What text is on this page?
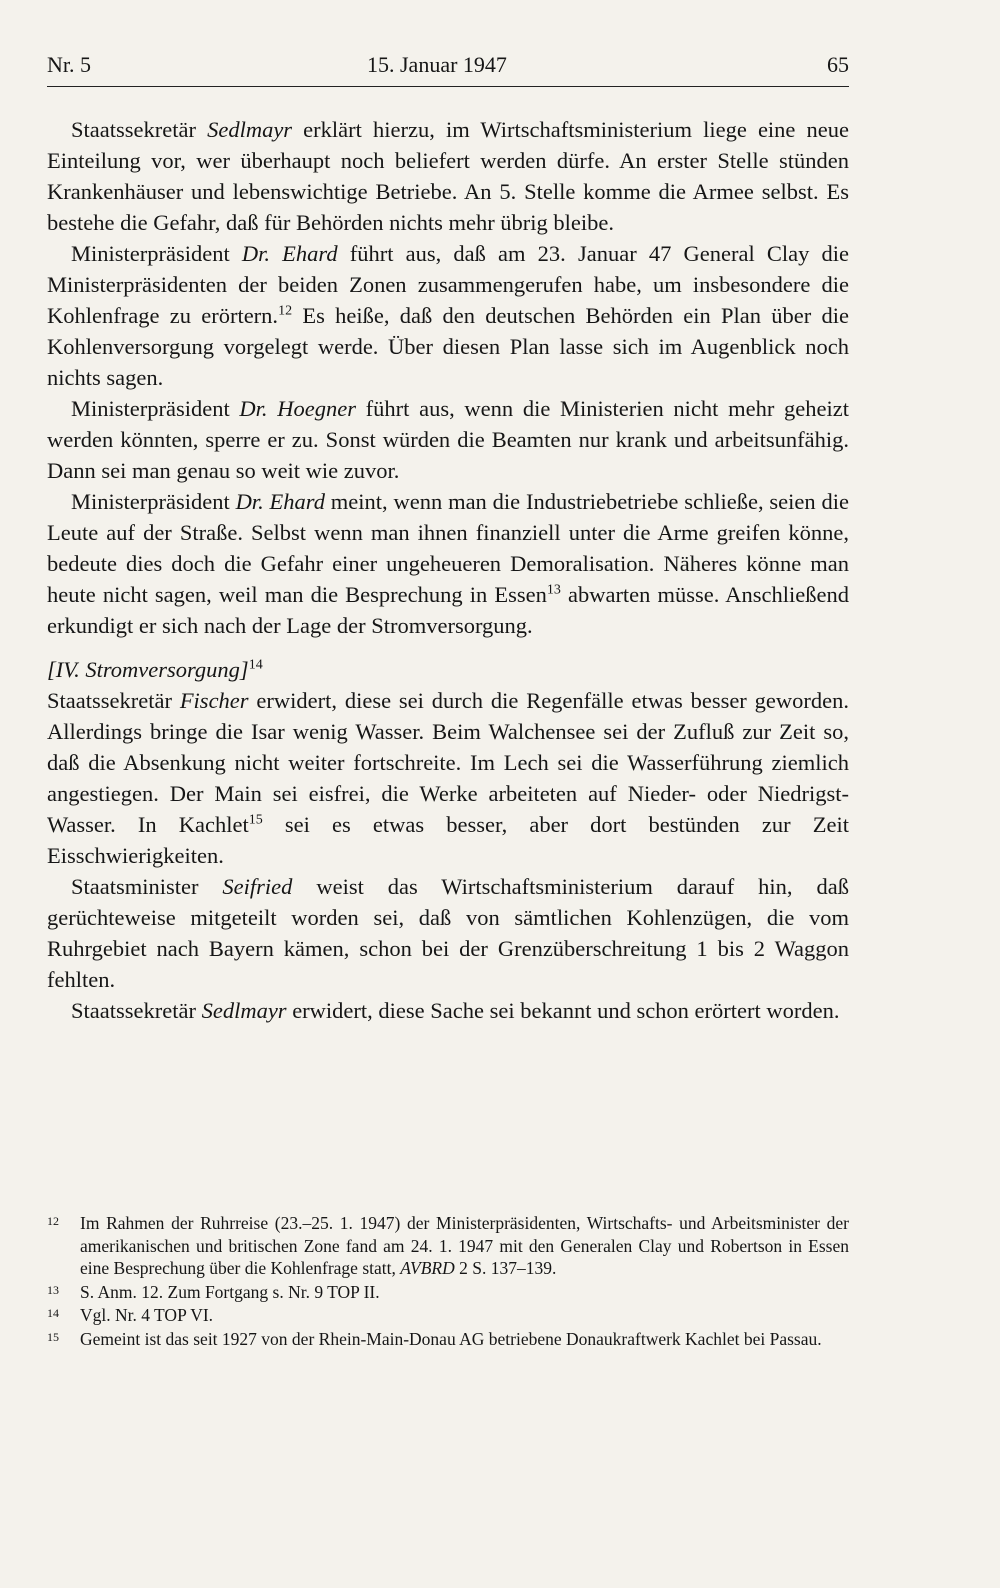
Nr. 5	15. Januar 1947	65

Staatssekretär Sedlmayr erklärt hierzu, im Wirtschaftsministerium liege eine neue Einteilung vor, wer überhaupt noch beliefert werden dürfe. An erster Stelle stünden Krankenhäuser und lebenswichtige Betriebe. An 5. Stelle komme die Armee selbst. Es bestehe die Gefahr, daß für Behörden nichts mehr übrig bleibe.

Ministerpräsident Dr. Ehard führt aus, daß am 23. Januar 47 General Clay die Ministerpräsidenten der beiden Zonen zusammengerufen habe, um insbesondere die Kohlenfrage zu erörtern.$^{12}$ Es heiße, daß den deutschen Behörden ein Plan über die Kohlenversorgung vorgelegt werde. Über diesen Plan lasse sich im Augenblick noch nichts sagen.

Ministerpräsident Dr. Hoegner führt aus, wenn die Ministerien nicht mehr geheizt werden könnten, sperre er zu. Sonst würden die Beamten nur krank und arbeitsunfähig. Dann sei man genau so weit wie zuvor.

Ministerpräsident Dr. Ehard meint, wenn man die Industriebetriebe schließe, seien die Leute auf der Straße. Selbst wenn man ihnen finanziell unter die Arme greifen könne, bedeute dies doch die Gefahr einer ungeheueren Demoralisation. Näheres könne man heute nicht sagen, weil man die Besprechung in Essen$^{13}$ abwarten müsse. Anschließend erkundigt er sich nach der Lage der Stromversorgung.

[IV. Stromversorgung]$^{14}$

Staatssekretär Fischer erwidert, diese sei durch die Regenfälle etwas besser geworden. Allerdings bringe die Isar wenig Wasser. Beim Walchensee sei der Zufluß zur Zeit so, daß die Absenkung nicht weiter fortschreite. Im Lech sei die Wasserführung ziemlich angestiegen. Der Main sei eisfrei, die Werke arbeiteten auf Nieder- oder Niedrigst-Wasser. In Kachlet$^{15}$ sei es etwas besser, aber dort bestünden zur Zeit Eisschwierigkeiten.

Staatsminister Seifried weist das Wirtschaftsministerium darauf hin, daß gerüchteweise mitgeteilt worden sei, daß von sämtlichen Kohlenzügen, die vom Ruhrgebiet nach Bayern kämen, schon bei der Grenzüberschreitung 1 bis 2 Waggon fehlten.

Staatssekretär Sedlmayr erwidert, diese Sache sei bekannt und schon erörtert worden.

12	Im Rahmen der Ruhrreise (23.–25. 1. 1947) der Ministerpräsidenten, Wirtschafts- und Arbeitsminister der amerikanischen und britischen Zone fand am 24. 1. 1947 mit den Generalen Clay und Robertson in Essen eine Besprechung über die Kohlenfrage statt, AVBRD 2 S. 137–139.
13	S. Anm. 12. Zum Fortgang s. Nr. 9 TOP II.
14	Vgl. Nr. 4 TOP VI.
15	Gemeint ist das seit 1927 von der Rhein-Main-Donau AG betriebene Donaukraftwerk Kachlet bei Passau.
